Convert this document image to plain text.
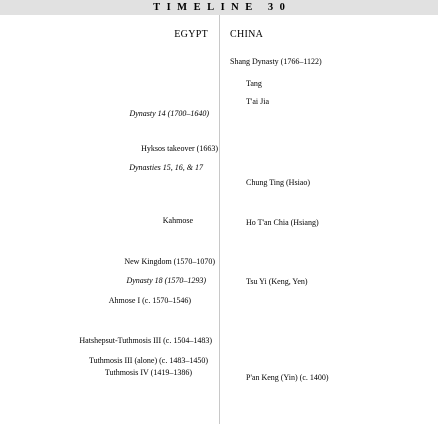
TIMELINE 30
EGYPT CHINA
Dynasty 14 (1700–1640)
Hyksos takeover (1663)
Dynasties 15, 16, & 17
Kahmose
New Kingdom (1570–1070)
Dynasty 18 (1570–1293)
Ahmose I (c. 1570–1546)
Hatshepsut-Tuthmosis III (c. 1504–1483)
Tuthmosis III (alone) (c. 1483–1450)
Tuthmosis IV (1419–1386)
Shang Dynasty (1766–1122)
Tang
T'ai Jia
Chung Ting (Hsiao)
Ho T'an Chia (Hsiang)
Tsu Yi (Keng, Yen)
P'an Keng (Yin) (c. 1400)
